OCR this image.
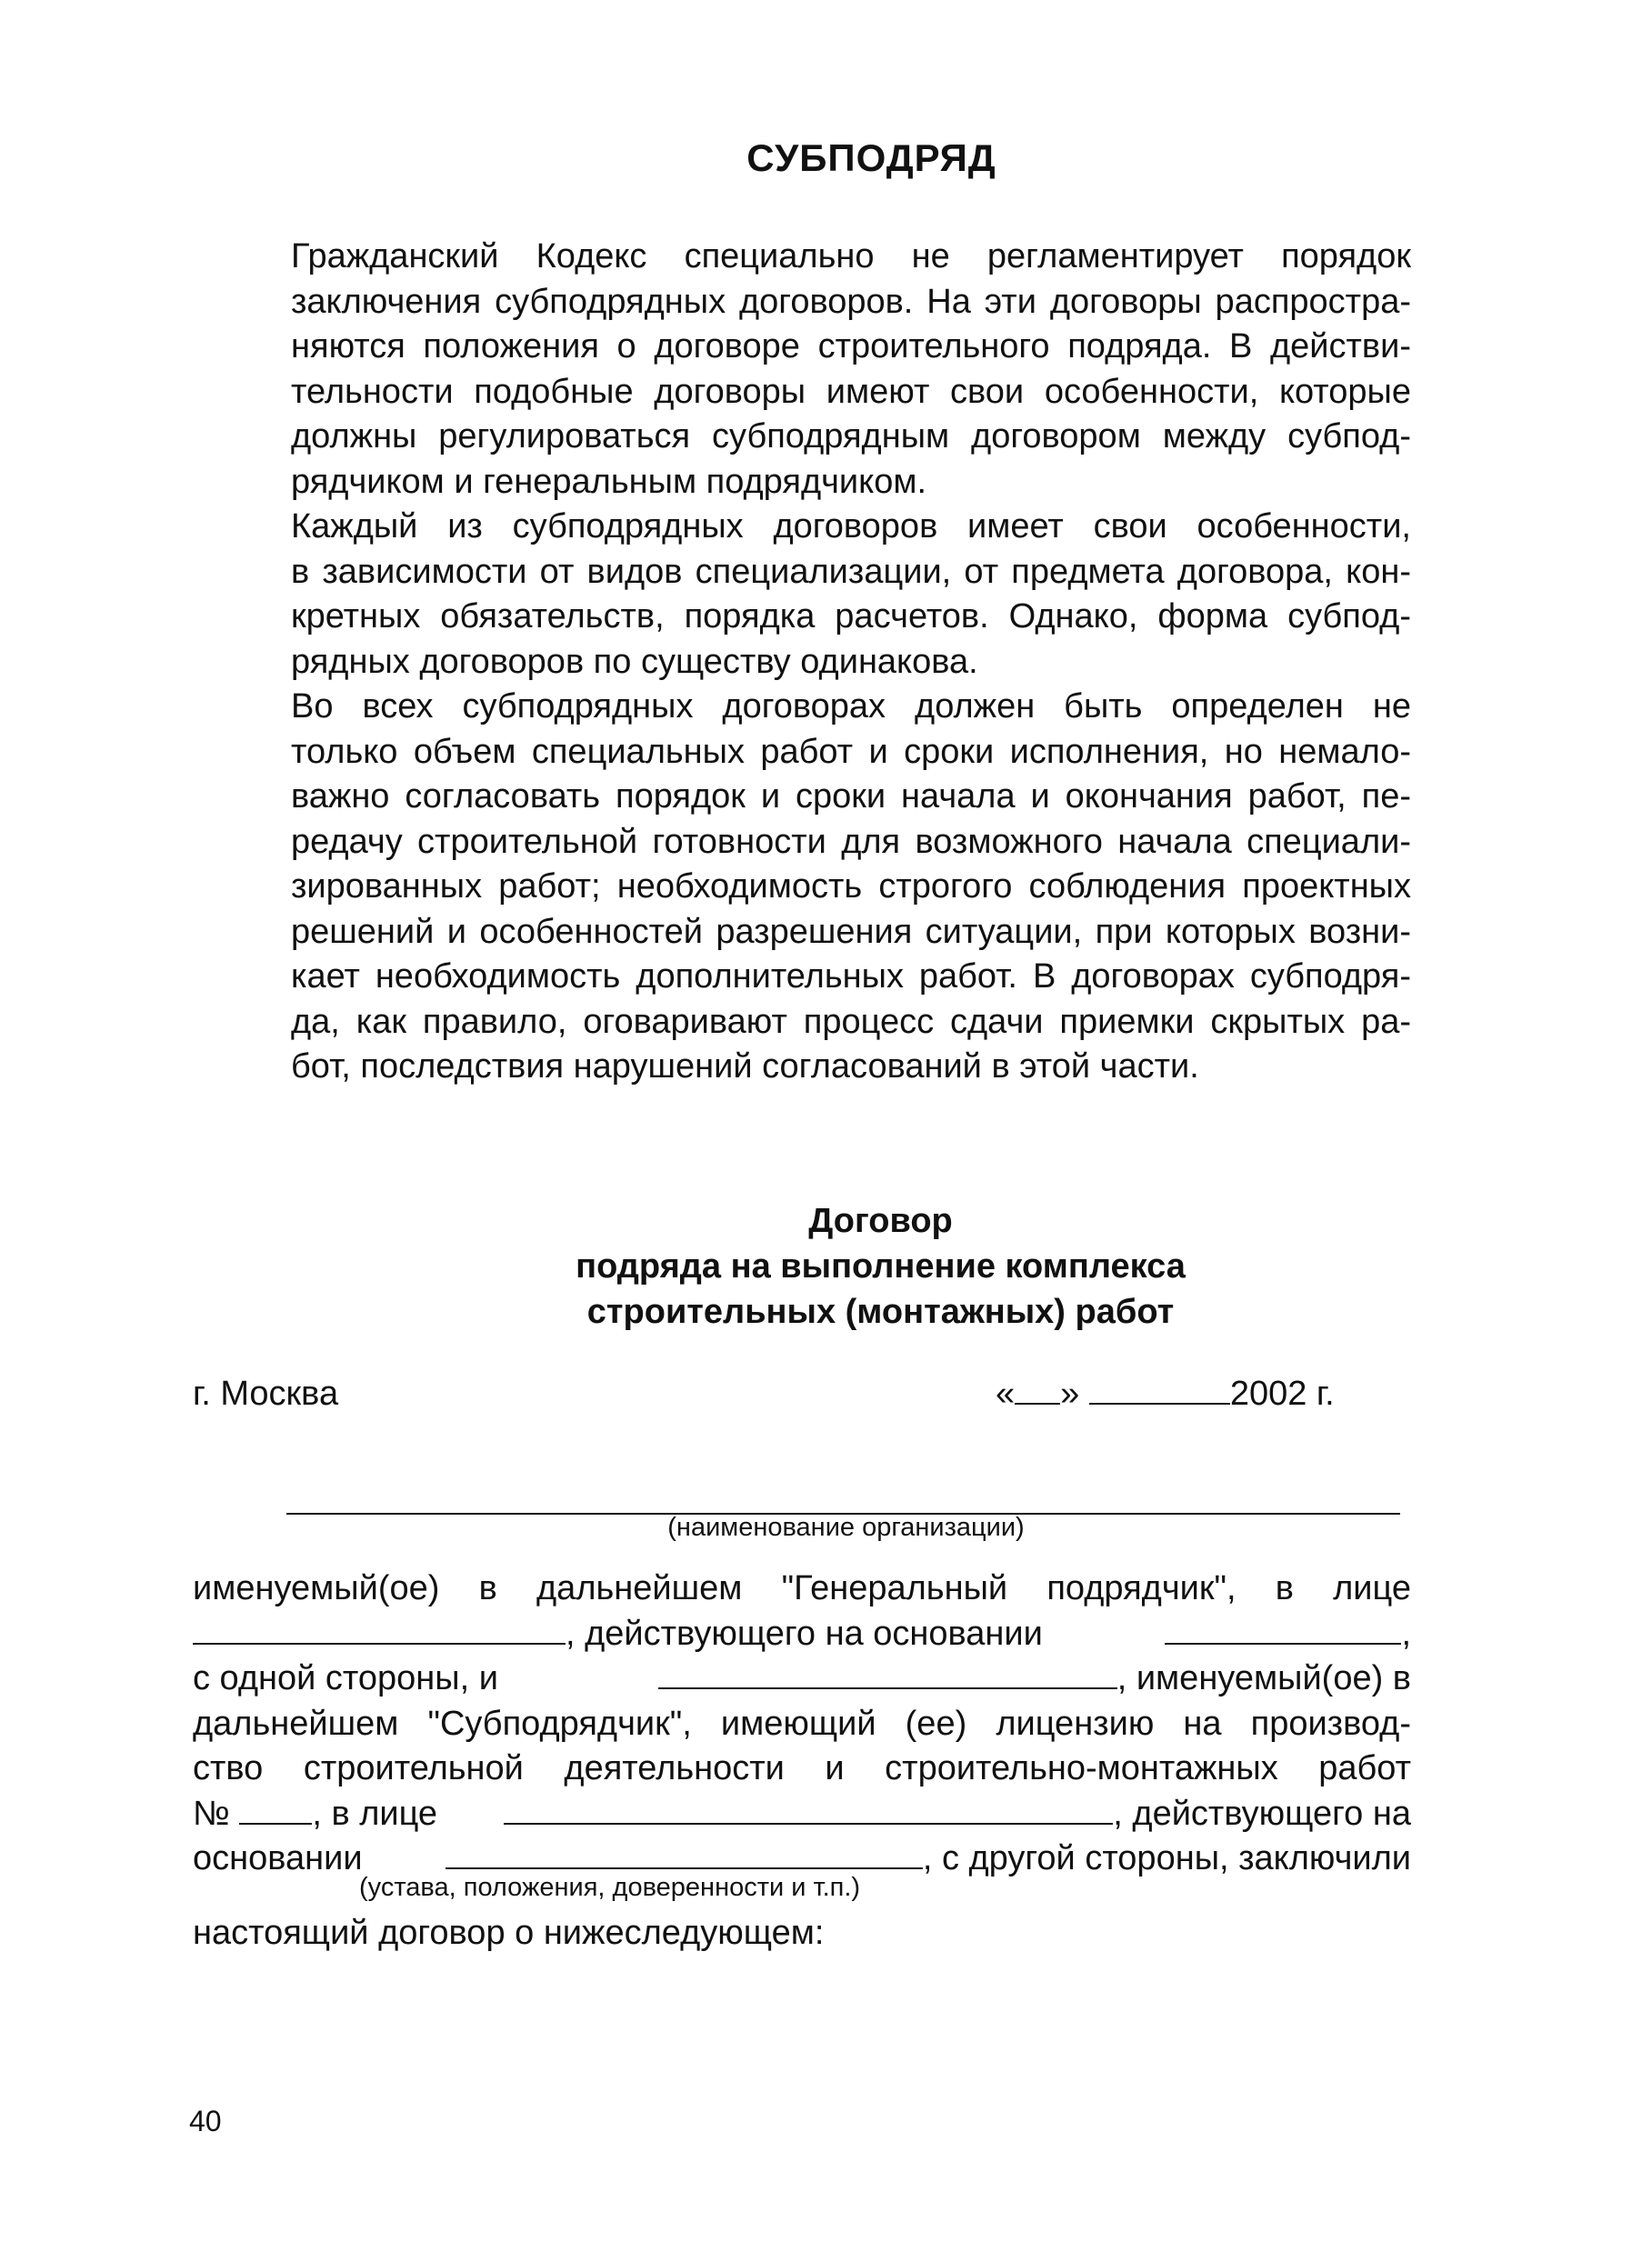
СУБПОДРЯД

Гражданский Кодекс специально не регламентирует порядок
заключения субподрядных договоров. На эти договоры распростра-
няются положения о договоре строительного подряда. В действи-
тельности подобные договоры имеют свои особенности, которые
должны регулироваться субподрядным договором между субпод-
рядчиком и генеральным подрядчиком.

Каждый из субподрядных договоров имеет свои особенности,
в зависимости от видов специализации, от предмета договора, кон-
кретных обязательств, порядка расчетов. Однако, форма субпод-
рядных договоров по существу одинакова.

Во всех субподрядных договорах должен быть определен не
только объем специальных работ и сроки исполнения, но немало-
важно согласовать порядок и сроки начала и окончания работ, пе-
редачу строительной готовности для возможного начала специали-
зированных работ; необходимость строгого соблюдения проектных
решений и особенностей разрешения ситуации, при которых возни-
кает необходимость дополнительных работ. В договорах субподря-
да, как правило, оговаривают процесс сдачи приемки скрытых ра-
бот, последствия нарушений согласований в этой части.

Договор
подряда на выполнение комплекса
строительных (монтажных) работ
г. Москва	« »	2002 г.
(наименование организации)
именуемый(ое) в дальнейшем "Генеральный подрядчик", в лице
, действующего на основании	,
с одной стороны, и	, именуемый(ое) в
дальнейшем "Субподрядчик", имеющий (ее) лицензию на производ-
ство строительной деятельности и строительно-монтажных работ
№ , в лице	, действующего на
основании	, с другой стороны, заключили
(устава, положения, доверенности и т.п.)
настоящий договор о нижеследующем:
40
